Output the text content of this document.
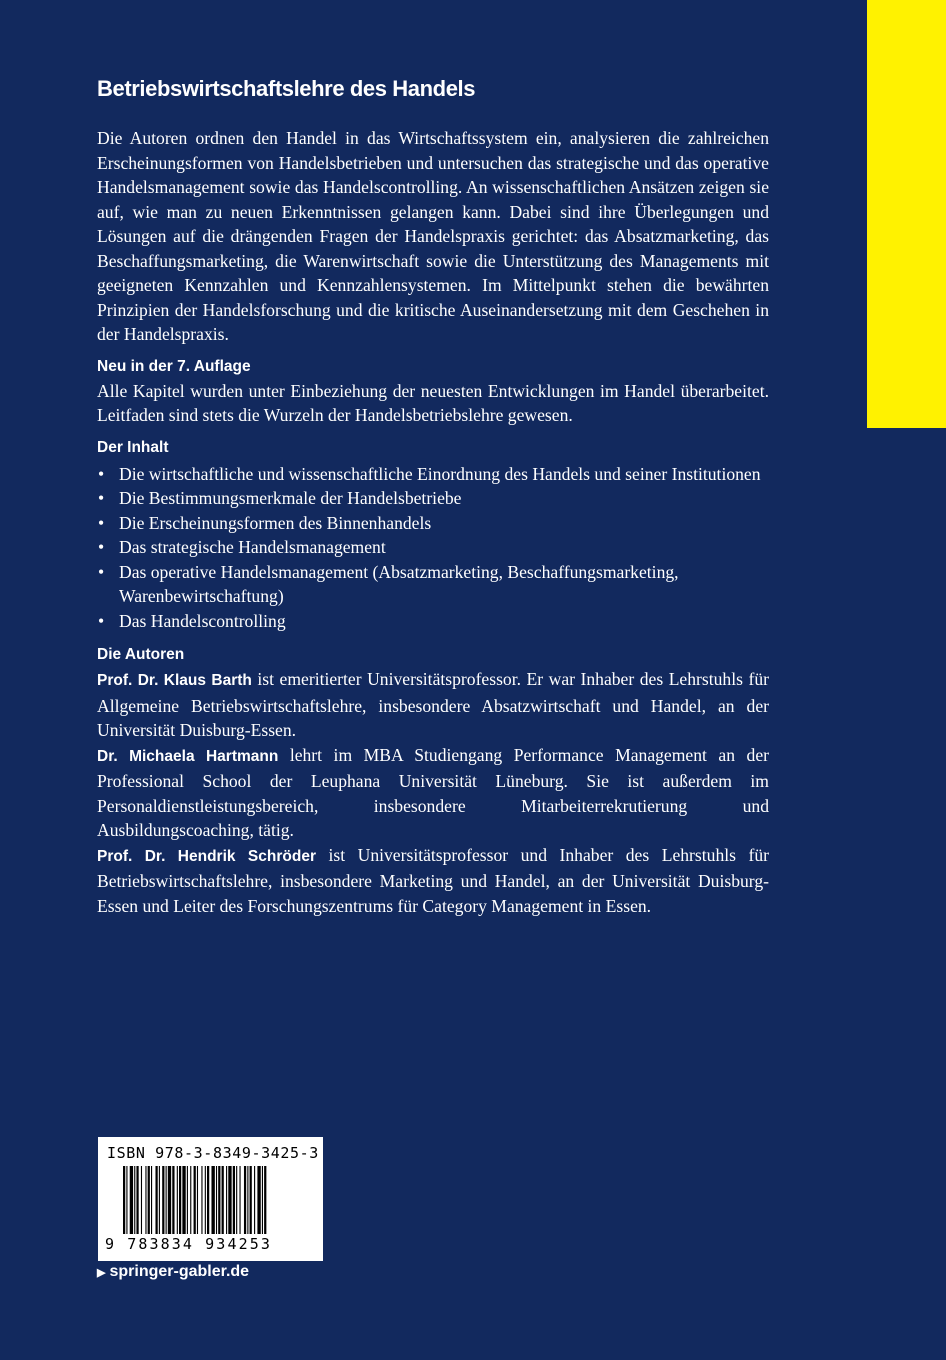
Betriebswirtschaftslehre des Handels

Die Autoren ordnen den Handel in das Wirtschaftssystem ein, analysieren die zahlreichen Erscheinungsformen von Handelsbetrieben und untersuchen das strategische und das operative Handelsmanagement sowie das Handelscontrolling. An wissenschaftlichen Ansätzen zeigen sie auf, wie man zu neuen Erkenntnissen gelangen kann. Dabei sind ihre Überlegungen und Lösungen auf die drängenden Fragen der Handelspraxis gerichtet: das Absatzmarketing, das Beschaffungsmarketing, die Warenwirtschaft sowie die Unterstützung des Managements mit geeigneten Kennzahlen und Kennzahlensystemen. Im Mittelpunkt stehen die bewährten Prinzipien der Handelsforschung und die kritische Auseinandersetzung mit dem Geschehen in der Handelspraxis.

Neu in der 7. Auflage

Alle Kapitel wurden unter Einbeziehung der neuesten Entwicklungen im Handel überarbeitet. Leitfaden sind stets die Wurzeln der Handelsbetriebslehre gewesen.

Der Inhalt
• Die wirtschaftliche und wissenschaftliche Einordnung des Handels und seiner Institutionen
• Die Bestimmungsmerkmale der Handelsbetriebe
• Die Erscheinungsformen des Binnenhandels
• Das strategische Handelsmanagement
• Das operative Handelsmanagement (Absatzmarketing, Beschaffungsmarketing, Warenbewirtschaftung)
• Das Handelscontrolling
Die Autoren

Prof. Dr. Klaus Barth ist emeritierter Universitätsprofessor. Er war Inhaber des Lehrstuhls für Allgemeine Betriebswirtschaftslehre, insbesondere Absatzwirtschaft und Handel, an der Universität Duisburg-Essen.

Dr. Michaela Hartmann lehrt im MBA Studiengang Performance Management an der Professional School der Leuphana Universität Lüneburg. Sie ist außerdem im Personaldienstleistungsbereich, insbesondere Mitarbeiterrekrutierung und Ausbildungscoaching, tätig.

Prof. Dr. Hendrik Schröder ist Universitätsprofessor und Inhaber des Lehrstuhls für Betriebswirtschaftslehre, insbesondere Marketing und Handel, an der Universität Duisburg-Essen und Leiter des Forschungszentrums für Category Management in Essen.

ISBN 978-3-8349-3425-3
9 783834 934253
▶ springer-gabler.de
